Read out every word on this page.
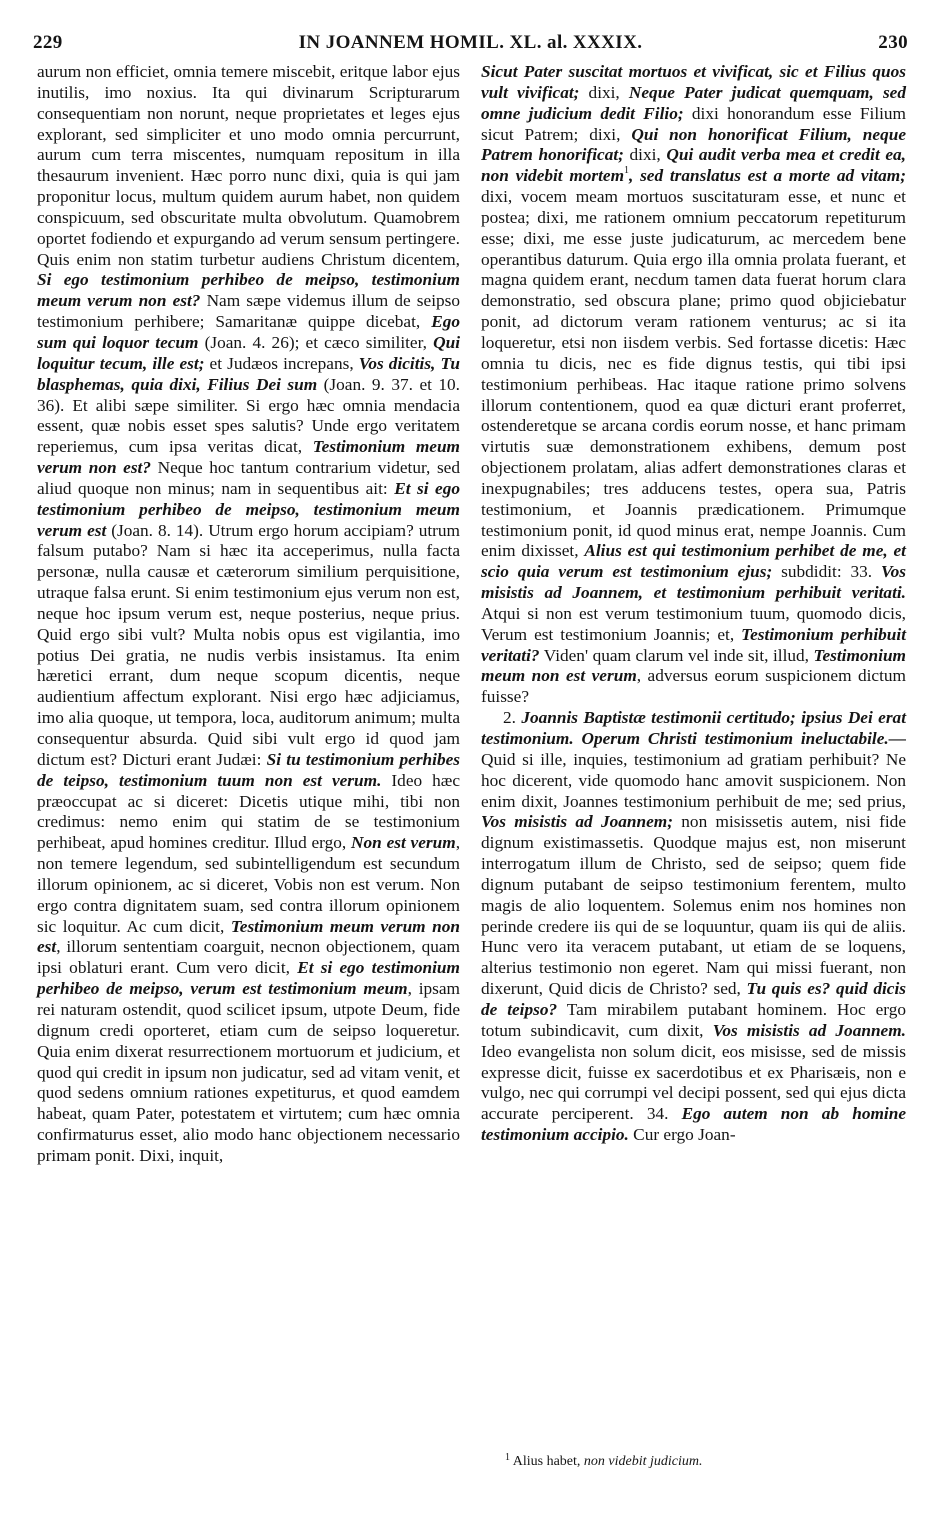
229	IN JOANNEM HOMIL. XL. al. XXXIX.	230

aurum non efficiet, omnia temere miscebit, eritque labor ejus inutilis, imo noxius. Ita qui divinarum Scripturarum consequentiam non norunt, neque proprietates et leges ejus explorant, sed simpliciter et uno modo omnia percurrunt, aurum cum terra miscentes, numquam repositum in illa thesaurum invenient. Hæc porro nunc dixi, quia is qui jam proponitur locus, multum quidem aurum habet, non quidem conspicuum, sed obscuritate multa obvolutum. Quamobrem oportet fodiendo et expurgando ad verum sensum pertingere. Quis enim non statim turbetur audiens Christum dicentem, Si ego testimonium perhibeo de meipso, testimonium meum verum non est? Nam sæpe videmus illum de seipso testimonium perhibere; Samaritanæ quippe dicebat, Ego sum qui loquor tecum (Joan. 4. 26); et cæco similiter, Qui loquitur tecum, ille est; et Judæos increpans, Vos dicitis, Tu blasphemas, quia dixi, Filius Dei sum (Joan. 9. 37. et 10. 36). Et alibi sæpe similiter. Si ergo hæc omnia mendacia essent, quæ nobis esset spes salutis? Unde ergo veritatem reperiemus, cum ipsa veritas dicat, Testimonium meum verum non est? Neque hoc tantum contrarium videtur, sed aliud quoque non minus; nam in sequentibus ait: Et si ego testimonium perhibeo de meipso, testimonium meum verum est (Joan. 8. 14). Utrum ergo horum accipiam? utrum falsum putabo? Nam si hæc ita acceperimus, nulla facta personæ, nulla causæ et cæterorum similium perquisitione, utraque falsa erunt. Si enim testimonium ejus verum non est, neque hoc ipsum verum est, neque posterius, neque prius. Quid ergo sibi vult? Multa nobis opus est vigilantia, imo potius Dei gratia, ne nudis verbis insistamus. Ita enim hæretici errant, dum neque scopum dicentis, neque audientium affectum explorant. Nisi ergo hæc adjiciamus, imo alia quoque, ut tempora, loca, auditorum animum; multa consequentur absurda. Quid sibi vult ergo id quod jam dictum est? Dicturi erant Judæi: Si tu testimonium perhibes de teipso, testimonium tuum non est verum. Ideo hæc præoccupat ac si diceret: Dicetis utique mihi, tibi non credimus: nemo enim qui statim de se testimonium perhibeat, apud homines creditur. Illud ergo, Non est verum, non temere legendum, sed subintelligendum est secundum illorum opinionem, ac si diceret, Vobis non est verum. Non ergo contra dignitatem suam, sed contra illorum opinionem sic loquitur. Ac cum dicit, Testimonium meum verum non est, illorum sententiam coarguit, necnon objectionem, quam ipsi oblaturi erant. Cum vero dicit, Et si ego testimonium perhibeo de meipso, verum est testimonium meum, ipsam rei naturam ostendit, quod scilicet ipsum, utpote Deum, fide dignum credi oporteret, etiam cum de seipso loqueretur. Quia enim dixerat resurrectionem mortuorum et judicium, et quod qui credit in ipsum non judicatur, sed ad vitam venit, et quod sedens omnium rationes expetiturus, et quod eamdem habeat, quam Pater, potestatem et virtutem; cum hæc omnia confirmaturus esset, alio modo hanc objectionem necessario primam ponit. Dixi, inquit,

Sicut Pater suscitat mortuos et vivificat, sic et Filius quos vult vivificat; dixi, Neque Pater judicat quemquam, sed omne judicium dedit Filio; dixi honorandum esse Filium sicut Patrem; dixi, Qui non honorificat Filium, neque Patrem honorificat; dixi, Qui audit verba mea et credit ea, non videbit mortem$^1$, sed translatus est a morte ad vitam; dixi, vocem meam mortuos suscitaturam esse, et nunc et postea; dixi, me rationem omnium peccatorum repetiturum esse; dixi, me esse juste judicaturum, ac mercedem bene operantibus daturum. Quia ergo illa omnia prolata fuerant, et magna quidem erant, necdum tamen data fuerat horum clara demonstratio, sed obscura plane; primo quod objiciebatur ponit, ad dictorum veram rationem venturus; ac si ita loqueretur, etsi non iisdem verbis. Sed fortasse dicetis: Hæc omnia tu dicis, nec es fide dignus testis, qui tibi ipsi testimonium perhibeas. Hac itaque ratione primo solvens illorum contentionem, quod ea quæ dicturi erant proferret, ostenderetque se arcana cordis eorum nosse, et hanc primam virtutis suæ demonstrationem exhibens, demum post objectionem prolatam, alias adfert demonstrationes claras et inexpugnabiles; tres adducens testes, opera sua, Patris testimonium, et Joannis prædicationem. Primumque testimonium ponit, id quod minus erat, nempe Joannis. Cum enim dixisset, Alius est qui testimonium perhibet de me, et scio quia verum est testimonium ejus; subdidit: 33. Vos misistis ad Joannem, et testimonium perhibuit veritati. Atqui si non est verum testimonium tuum, quomodo dicis, Verum est testimonium Joannis; et, Testimonium perhibuit veritati? Viden' quam clarum vel inde sit, illud, Testimonium meum non est verum, adversus eorum suspicionem dictum fuisse?

2. Joannis Baptistæ testimonii certitudo; ipsius Dei erat testimonium. Operum Christi testimonium ineluctabile.— Quid si ille, inquies, testimonium ad gratiam perhibuit? Ne hoc dicerent, vide quomodo hanc amovit suspicionem. Non enim dixit, Joannes testimonium perhibuit de me; sed prius, Vos misistis ad Joannem; non misissetis autem, nisi fide dignum existimassetis. Quodque majus est, non miserunt interrogatum illum de Christo, sed de seipso; quem fide dignum putabant de seipso testimonium ferentem, multo magis de alio loquentem. Solemus enim nos homines non perinde credere iis qui de se loquuntur, quam iis qui de aliis. Hunc vero ita veracem putabant, ut etiam de se loquens, alterius testimonio non egeret. Nam qui missi fuerant, non dixerunt, Quid dicis de Christo? sed, Tu quis es? quid dicis de teipso? Tam mirabilem putabant hominem. Hoc ergo totum subindicavit, cum dixit, Vos misistis ad Joannem. Ideo evangelista non solum dicit, eos misisse, sed de missis expresse dicit, fuisse ex sacerdotibus et ex Pharisæis, non e vulgo, nec qui corrumpi vel decipi possent, sed qui ejus dicta accurate perciperent. 34. Ego autem non ab homine testimonium accipio. Cur ergo Joan-

$^1$ Alius habet, non videbit judicium.
